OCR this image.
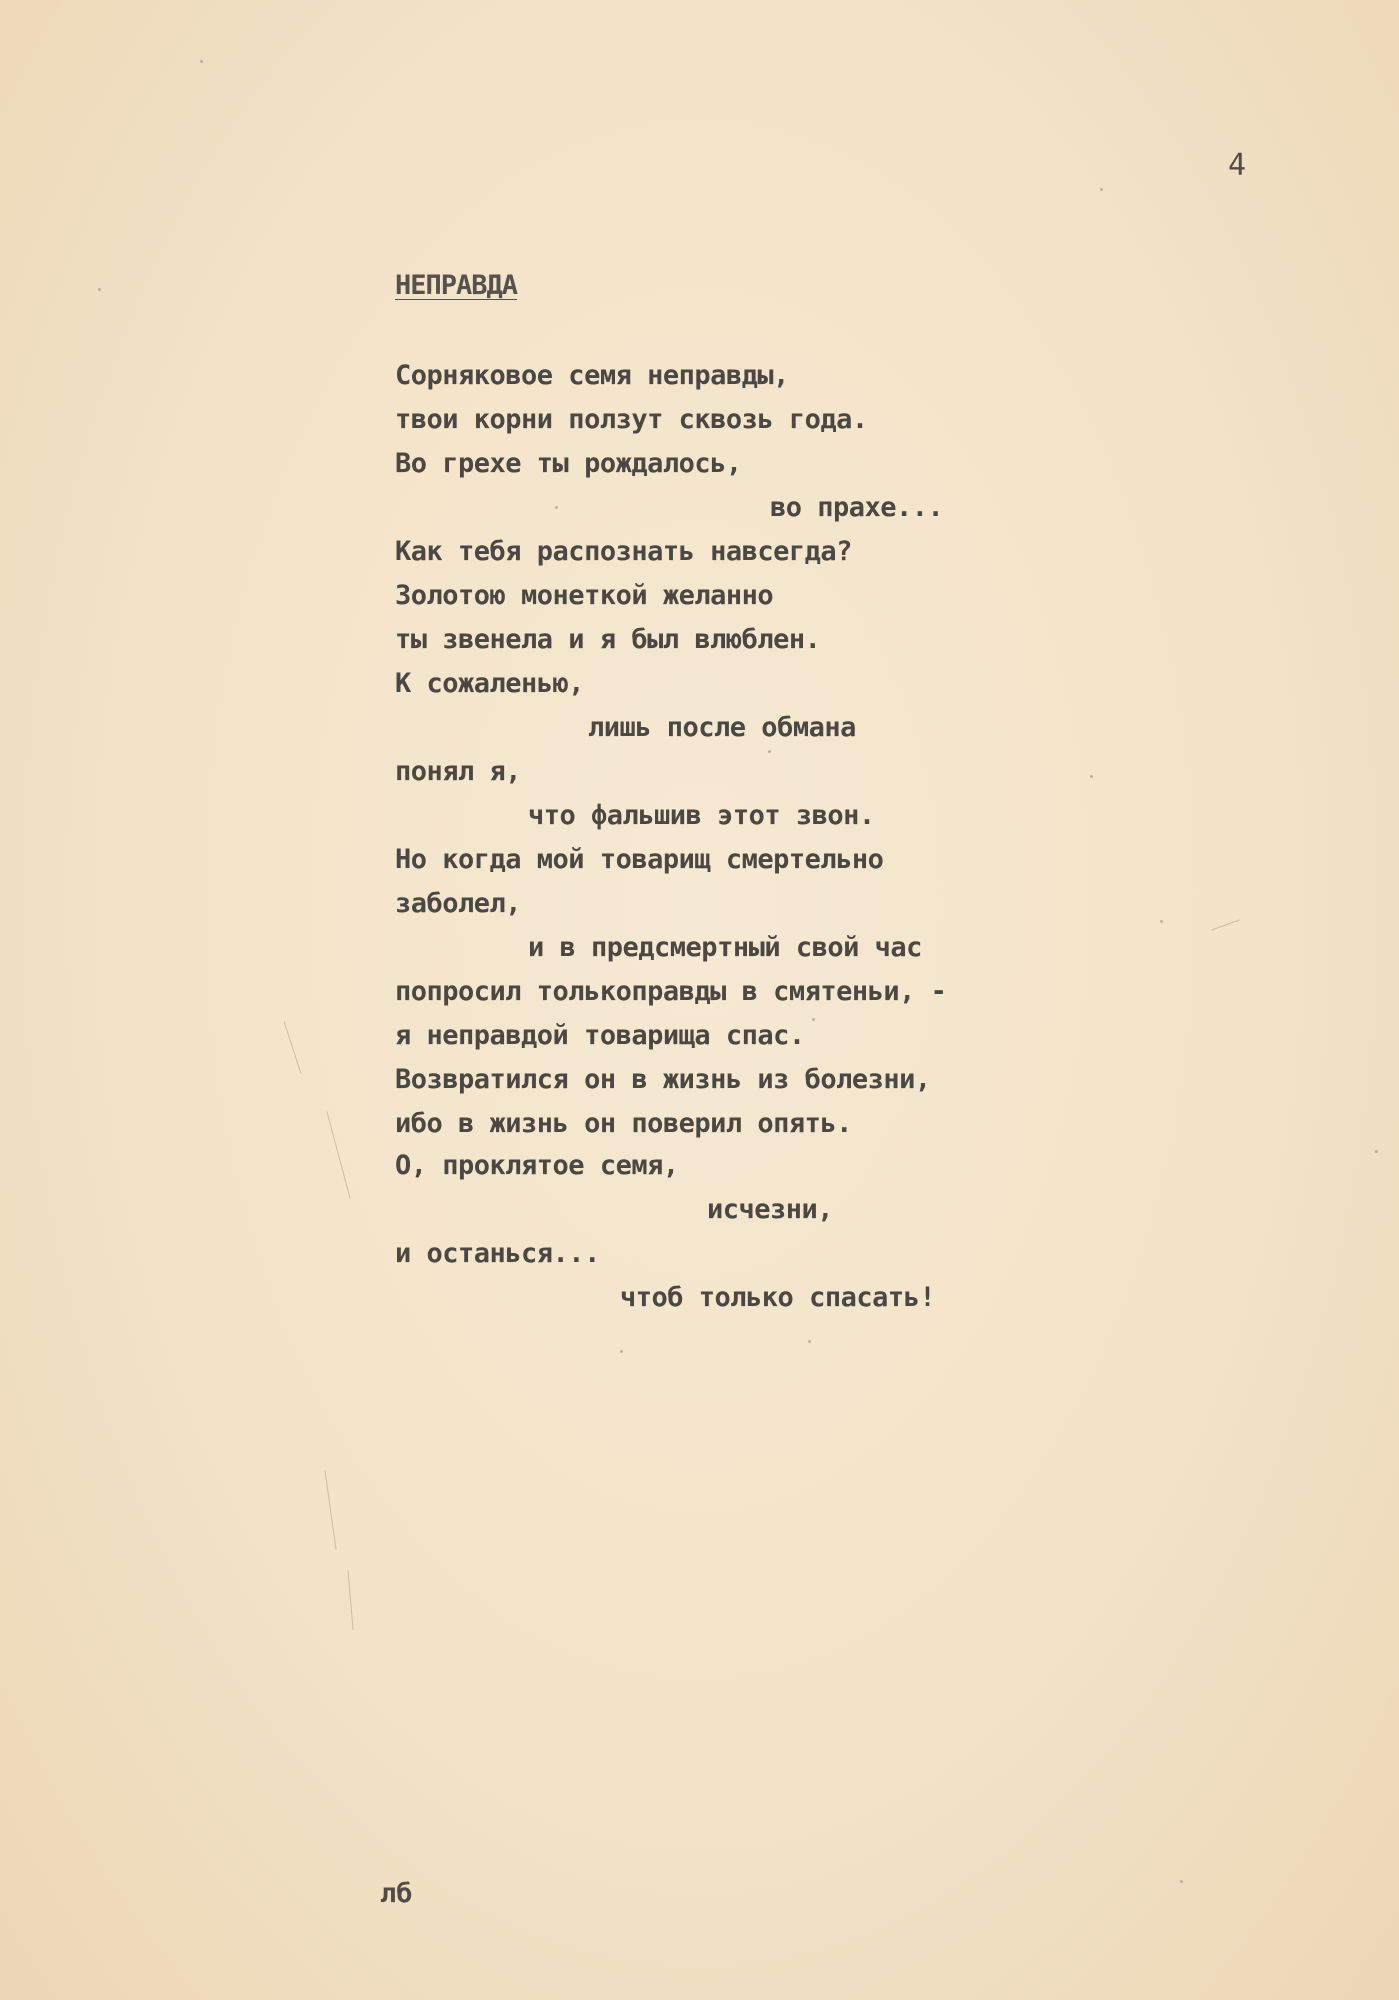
4
НЕПРАВДА
Сорняковое семя неправды,
твои корни ползут сквозь года.
Во грехе ты рождалось,
во прахе...
Как тебя распознать навсегда?
Золотою монеткой желанно
ты звенела и я был влюблен.
К сожаленью,
лишь после обмана
понял я,
что фальшив этот звон.
Но когда мой товарищ смертельно
заболел,
и в предсмертный свой час
попросил толькоправды в смятеньи, -
я неправдой товарища спас.
Возвратился он в жизнь из болезни,
ибо в жизнь он поверил опять.
О, проклятое семя,
исчезни,
и останься...
чтоб только спасать!
лб
